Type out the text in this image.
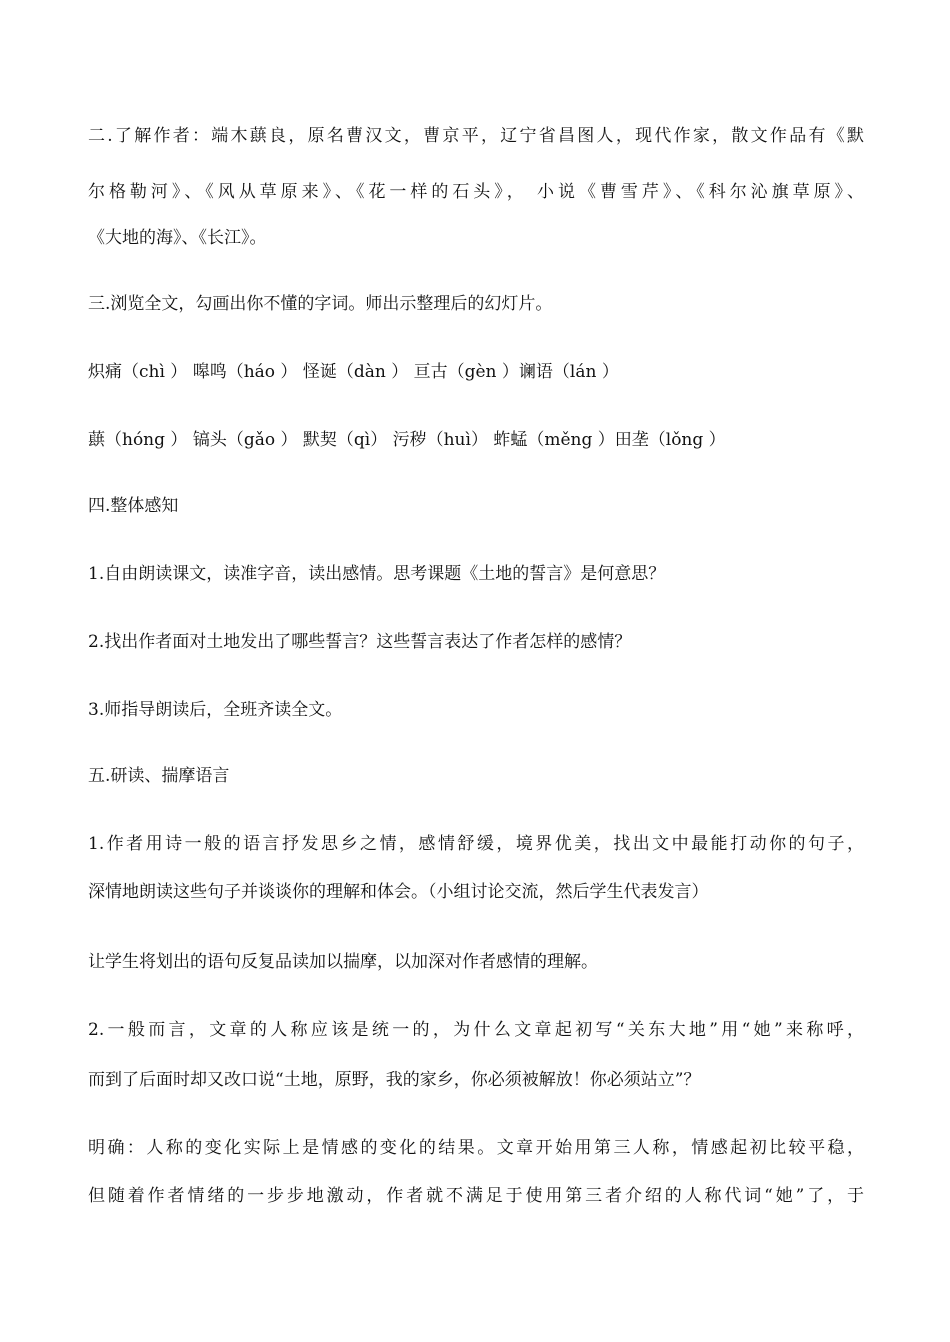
二.了解作者：端木蕻良，原名曹汉文，曹京平，辽宁省昌图人，现代作家，散文作品有《默
尔格勒河》、《风从草原来》、《花一样的石头》， 小说《曹雪芹》、《科尔沁旗草原》、
《大地的海》、《长江》。
三.浏览全文，勾画出你不懂的字词。师出示整理后的幻灯片。
炽痛（chì ） 嗥鸣（háo ） 怪诞（dàn ） 亘古（gèn ）谰语（lán ）
蕻（hóng ） 镐头（gǎo ） 默契（qì） 污秽（huì） 蚱蜢（měng ）田垄（lǒng ）
四.整体感知
1.自由朗读课文，读准字音，读出感情。思考课题《土地的誓言》是何意思？
2.找出作者面对土地发出了哪些誓言？这些誓言表达了作者怎样的感情？
3.师指导朗读后，全班齐读全文。
五.研读、揣摩语言
1.作者用诗一般的语言抒发思乡之情，感情舒缓，境界优美，找出文中最能打动你的句子，
深情地朗读这些句子并谈谈你的理解和体会。（小组讨论交流，然后学生代表发言）
让学生将划出的语句反复品读加以揣摩，以加深对作者感情的理解。
2.一般而言，文章的人称应该是统一的，为什么文章起初写“关东大地”用“她”来称呼，
而到了后面时却又改口说“土地，原野，我的家乡，你必须被解放！你必须站立”？
明确：人称的变化实际上是情感的变化的结果。文章开始用第三人称，情感起初比较平稳，
但随着作者情绪的一步步地激动，作者就不满足于使用第三者介绍的人称代词“她”了，于
